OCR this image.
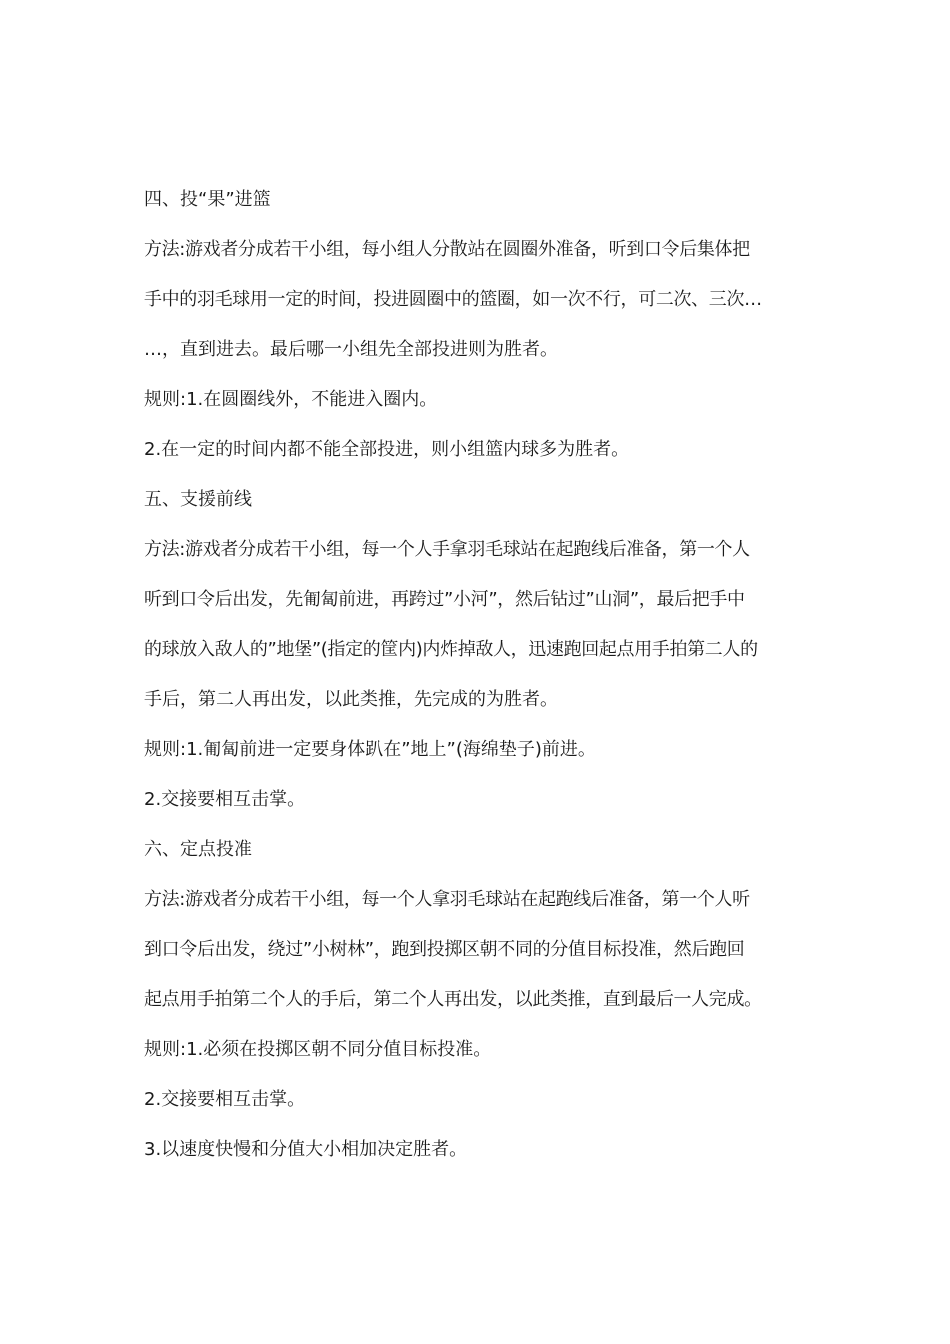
四、投“果”进篮
方法:游戏者分成若干小组，每小组人分散站在圆圈外准备，听到口令后集体把
手中的羽毛球用一定的时间，投进圆圈中的篮圈，如一次不行，可二次、三次…
…，直到进去。最后哪一小组先全部投进则为胜者。
规则:1.在圆圈线外，不能进入圈内。
2.在一定的时间内都不能全部投进，则小组篮内球多为胜者。
五、支援前线
方法:游戏者分成若干小组，每一个人手拿羽毛球站在起跑线后准备，第一个人
听到口令后出发，先匍匐前进，再跨过”小河”，然后钻过”山洞”，最后把手中
的球放入敌人的”地堡”(指定的筐内)内炸掉敌人，迅速跑回起点用手拍第二人的
手后，第二人再出发，以此类推，先完成的为胜者。
规则:1.匍匐前进一定要身体趴在”地上”(海绵垫子)前进。
2.交接要相互击掌。
六、定点投准
方法:游戏者分成若干小组，每一个人拿羽毛球站在起跑线后准备，第一个人听
到口令后出发，绕过”小树林”，跑到投掷区朝不同的分值目标投准，然后跑回
起点用手拍第二个人的手后，第二个人再出发，以此类推，直到最后一人完成。
规则:1.必须在投掷区朝不同分值目标投准。
2.交接要相互击掌。
3.以速度快慢和分值大小相加决定胜者。
